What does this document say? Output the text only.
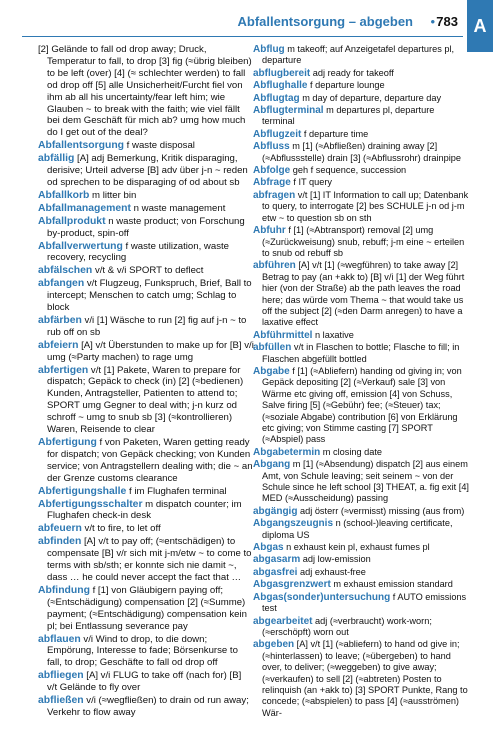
Abfallentsorgung – abgeben • 783 A

[2] Gelände to fall od drop away; Druck, Temperatur to fall, to drop [3] fig (≈übrig bleiben) to be left (over) [4] (≈ schlechter werden) to fall od drop off [5] alle Unsicherheit/Furcht fiel von ihm ab all his uncertainty/fear left him; wie Glauben ~ to break with the faith; wie viel fällt bei dem Geschäft für mich ab? umg how much do I get out of the deal?

Abfallentsorgung f waste disposal

abfällig [A] adj Bemerkung, Kritik disparaging, derisive; Urteil adverse [B] adv über j-n ~ reden od sprechen to be disparaging of od about sb

Abfallkorb m litter bin

Abfallmanagement n waste management

Abfallprodukt n waste product; von Forschung by-product, spin-off

Abfallverwertung f waste utilization, waste recovery, recycling

abfälschen v/t & v/i SPORT to deflect

abfangen v/t Flugzeug, Funkspruch, Brief, Ball to intercept; Menschen to catch umg; Schlag to block

abfärben v/i [1] Wäsche to run [2] fig auf j-n ~ to rub off on sb

abfeiern [A] v/t Überstunden to make up for [B] v/i umg (≈Party machen) to rage umg

abfertigen v/t [1] Pakete, Waren to prepare for dispatch; Gepäck to check (in) [2] (≈bedienen) Kunden, Antragsteller, Patienten to attend to; SPORT umg Gegner to deal with; j-n kurz od schroff ~ umg to snub sb [3] (≈kontrollieren) Waren, Reisende to clear

Abfertigung f von Paketen, Waren getting ready for dispatch; von Gepäck checking; von Kunden service; von Antragstellern dealing with; die ~ an der Grenze customs clearance

Abfertigungshalle f im Flughafen terminal

Abfertigungsschalter m dispatch counter; im Flughafen check-in desk

abfeuern v/t to fire, to let off

abfinden [A] v/t to pay off; (≈entschädigen) to compensate [B] v/r sich mit j-m/etw ~ to come to terms with sb/sth; er konnte sich nie damit ~, dass … he could never accept the fact that …

Abfindung f [1] von Gläubigern paying off; (≈Entschädigung) compensation [2] (≈Summe) payment; (≈Entschädigung) compensation kein pl; bei Entlassung severance pay

abflauen v/i Wind to drop, to die down; Empörung, Interesse to fade; Börsenkurse to fall, to drop; Geschäfte to fall od drop off

abfliegen [A] v/i FLUG to take off (nach for) [B] v/t Gelände to fly over

abfließen v/i (≈wegfließen) to drain od run away; Verkehr to flow away

Abflug m takeoff; auf Anzeigetafel departures pl, departure

abflugbereit adj ready for takeoff

Abflughalle f departure lounge

Abflugtag m day of departure, departure day

Abflugterminal m departures pl, departure terminal

Abflugzeit f departure time

Abfluss m [1] (≈Abfließen) draining away [2] (≈Abflussstelle) drain [3] (≈Abflussrohr) drainpipe

Abfolge geh f sequence, succession

Abfrage f IT query

abfragen v/t [1] IT Information to call up; Datenbank to query, to interrogate [2] bes SCHULE j-n od j-m etw ~ to question sb on sth

Abfuhr f [1] (≈Abtransport) removal [2] umg (≈Zurückweisung) snub, rebuff; j-m eine ~ erteilen to snub od rebuff sb

abführen [A] v/t [1] (≈wegführen) to take away [2] Betrag to pay (an +akk to) [B] v/i [1] der Weg führt hier (von der Straße) ab the path leaves the road here; das würde vom Thema ~ that would take us off the subject [2] (≈den Darm anregen) to have a laxative effect

Abführmittel n laxative

abfüllen v/t in Flaschen to bottle; Flasche to fill; in Flaschen abgefüllt bottled

Abgabe f [1] (≈Abliefern) handing od giving in; von Gepäck depositing [2] (≈Verkauf) sale [3] von Wärme etc giving off, emission [4] von Schuss, Salve firing [5] (≈Gebühr) fee; (≈Steuer) tax; (≈soziale Abgabe) contribution [6] von Erklärung etc giving; von Stimme casting [7] SPORT (≈Abspiel) pass

Abgabetermin m closing date

Abgang m [1] (≈Absendung) dispatch [2] aus einem Amt, von Schule leaving; seit seinem ~ von der Schule since he left school [3] THEAT, a. fig exit [4] MED (≈Ausscheidung) passing

abgängig adj österr (≈vermisst) missing (aus from)

Abgangszeugnis n (school-)leaving certificate, diploma US

Abgas n exhaust kein pl, exhaust fumes pl

abgasarm adj low-emission

abgasfrei adj exhaust-free

Abgasgrenzwert m exhaust emission standard

Abgas(sonder)untersuchung f AUTO emissions test

abgearbeitet adj (≈verbraucht) work-worn; (≈erschöpft) worn out

abgeben [A] v/t [1] (≈abliefern) to hand od give in; (≈hinterlassen) to leave; (≈übergeben) to hand over, to deliver; (≈weggeben) to give away; (≈verkaufen) to sell [2] (≈abtreten) Posten to relinquish (an +akk to) [3] SPORT Punkte, Rang to concede; (≈abspielen) to pass [4] (≈ausströmen) Wär-
